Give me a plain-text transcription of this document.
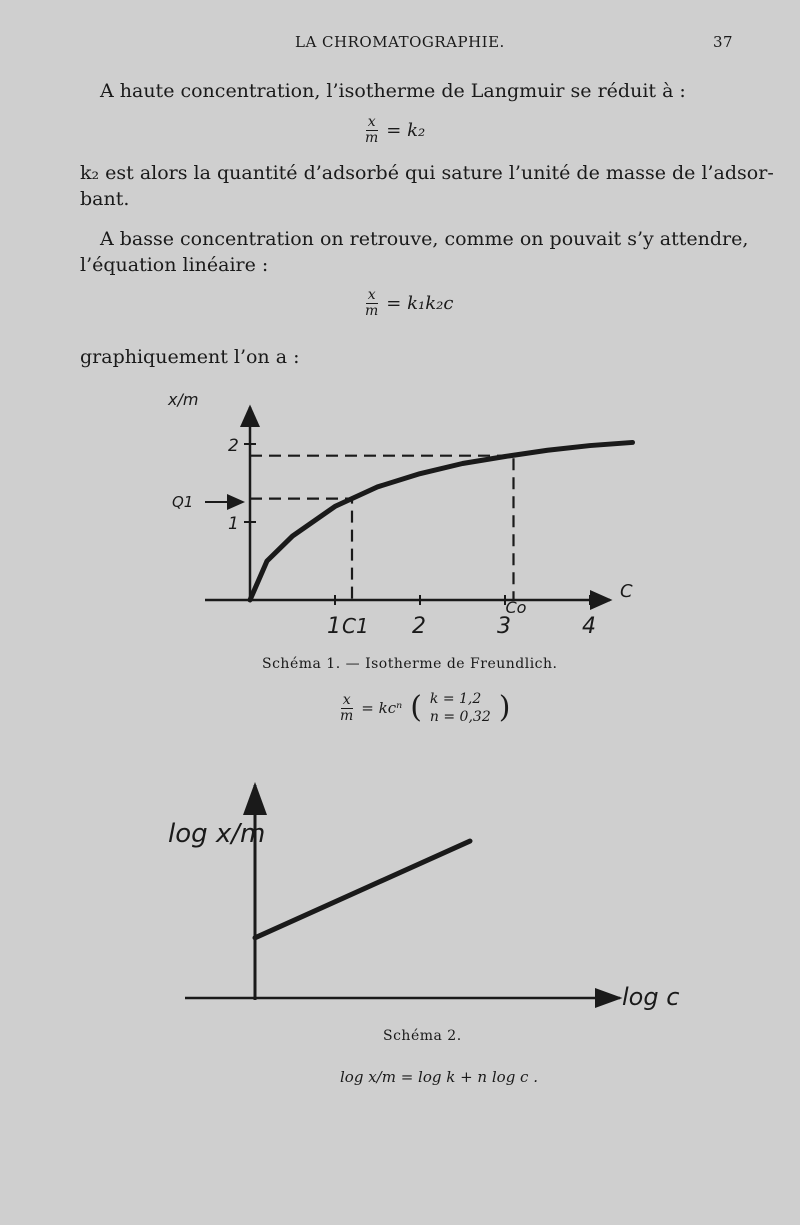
LA CHROMATOGRAPHIE.	37
A haute concentration, l’isotherme de Langmuir se réduit à :
$\frac{x}{m} = k_2$
k₂ est alors la quantité d’adsorbé qui sature l’unité de masse de l’adsor-
bant.
A basse concentration on retrouve, comme on pouvait s’y attendre,
l’équation linéaire :
$\frac{x}{m} = k_1k_2c$
graphiquement l’on a :
1	2	3	4
1
2
x/m
C
Q1
C1
Co
Schéma 1. — Isotherme de Freundlich.
$\frac{x}{m} = kc^n$ ( k = 1,2
n = 0,32 )
log x/m
log c
Schéma 2.
log x/m = log k + n log c .
